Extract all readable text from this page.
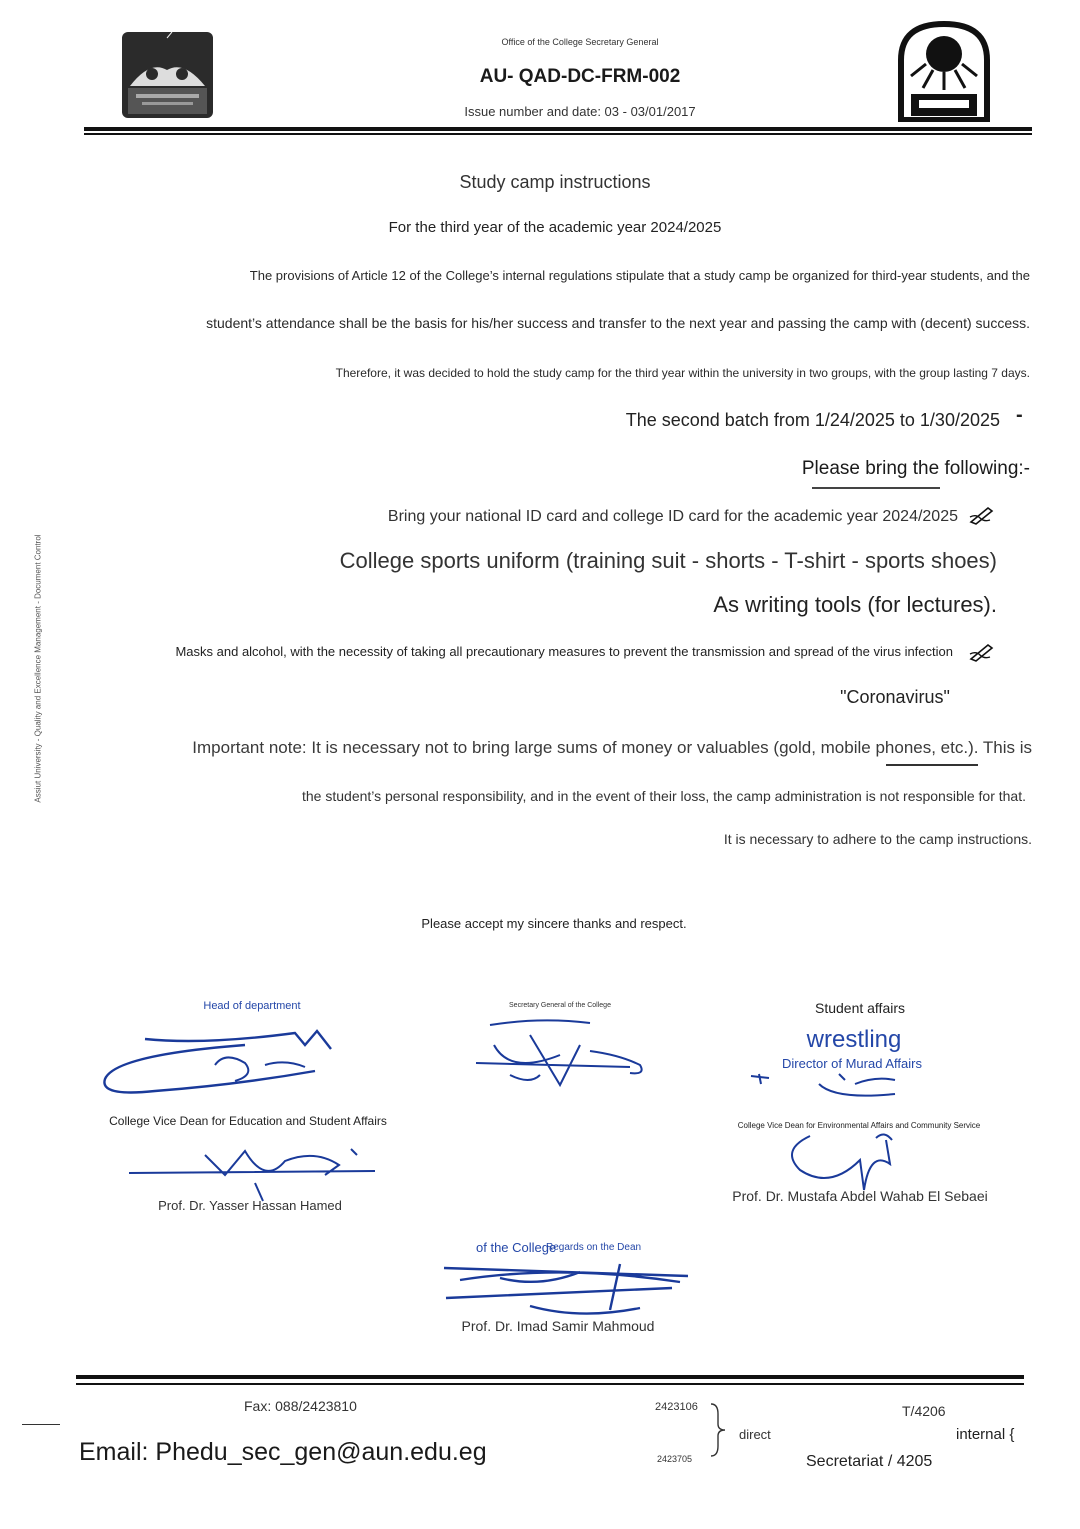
Office of the College Secretary General
AU- QAD-DC-FRM-002
Issue number and date: 03 - 03/01/2017
Assiut University - Quality and Excellence Management - Document Control
Study camp instructions
For the third year of the academic year 2024/2025
The provisions of Article 12 of the College’s internal regulations stipulate that a study camp be organized for third-year students, and the
student’s attendance shall be the basis for his/her success and transfer to the next year and passing the camp with (decent) success.
Therefore, it was decided to hold the study camp for the third year within the university in two groups, with the group lasting 7 days.
The second batch from 1/24/2025 to 1/30/2025 -
Please bring the following:-
Bring your national ID card and college ID card for the academic year 2024/2025
College sports uniform (training suit - shorts - T-shirt - sports shoes)
As writing tools (for lectures).
Masks and alcohol, with the necessity of taking all precautionary measures to prevent the transmission and spread of the virus infection
"Coronavirus"
Important note: It is necessary not to bring large sums of money or valuables (gold, mobile phones, etc.). This is
the student’s personal responsibility, and in the event of their loss, the camp administration is not responsible for that.
It is necessary to adhere to the camp instructions.
Please accept my sincere thanks and respect.
Head of department
College Vice Dean for Education and Student Affairs
Prof. Dr. Yasser Hassan Hamed
Secretary General of the College	Student affairs
wrestling
Director of Murad Affairs
College Vice Dean for Environmental Affairs and Community Service
Prof. Dr. Mustafa Abdel Wahab El Sebaei
of the College
Regards on the Dean
Prof. Dr. Imad Samir Mahmoud
Fax: 088/2423810
Email: Phedu_sec_gen@aun.edu.eg
2423106
2423705
direct
T/4206
internal {
Secretariat / 4205
